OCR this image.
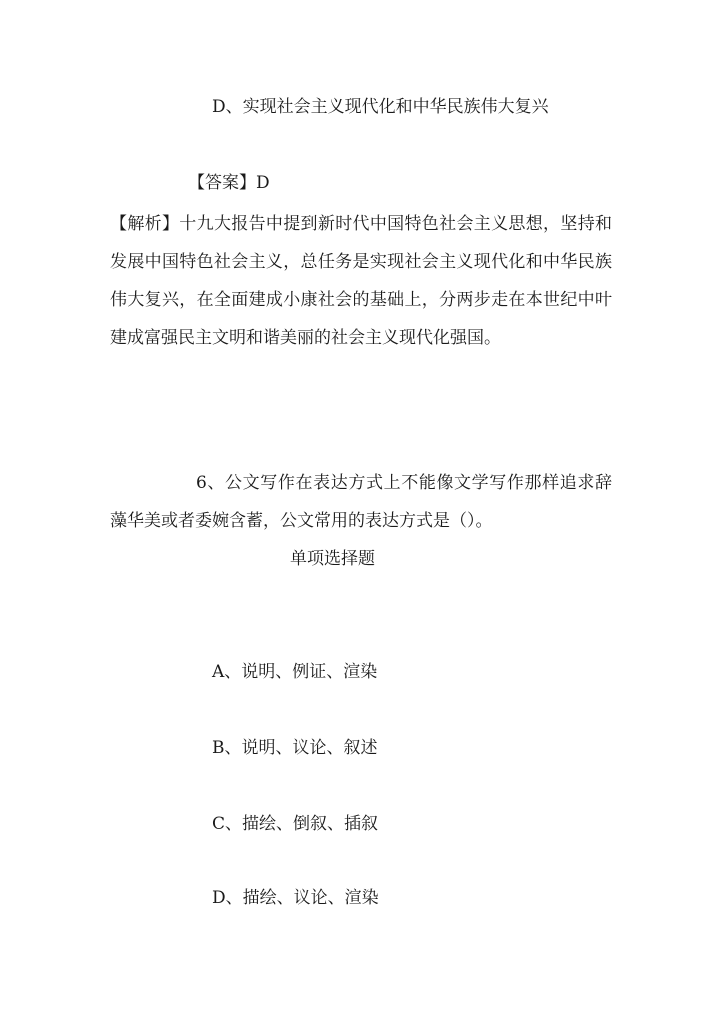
D、实现社会主义现代化和中华民族伟大复兴
【答案】D
【解析】十九大报告中提到新时代中国特色社会主义思想，坚持和发展中国特色社会主义，总任务是实现社会主义现代化和中华民族伟大复兴，在全面建成小康社会的基础上，分两步走在本世纪中叶建成富强民主文明和谐美丽的社会主义现代化强国。
6、公文写作在表达方式上不能像文学写作那样追求辞藻华美或者委婉含蓄，公文常用的表达方式是（）。
单项选择题
A、说明、例证、渲染
B、说明、议论、叙述
C、描绘、倒叙、插叙
D、描绘、议论、渲染
